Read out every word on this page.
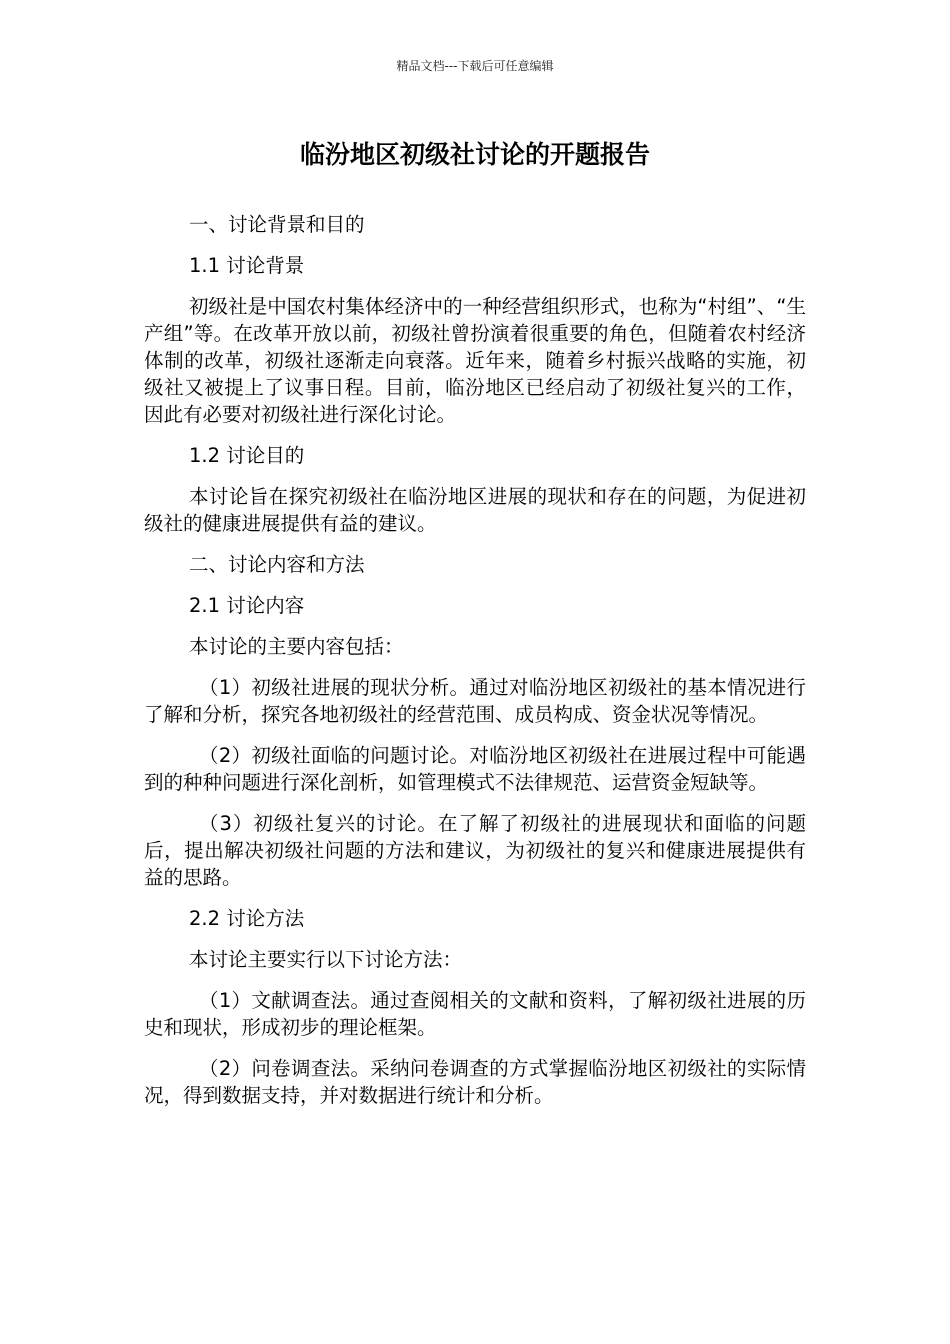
精品文档---下载后可任意编辑
临汾地区初级社讨论的开题报告

一、讨论背景和目的

1.1 讨论背景

初级社是中国农村集体经济中的一种经营组织形式，也称为“村组”、“生产组”等。在改革开放以前，初级社曾扮演着很重要的角色，但随着农村经济体制的改革，初级社逐渐走向衰落。近年来，随着乡村振兴战略的实施，初级社又被提上了议事日程。目前，临汾地区已经启动了初级社复兴的工作，因此有必要对初级社进行深化讨论。

1.2 讨论目的

本讨论旨在探究初级社在临汾地区进展的现状和存在的问题，为促进初级社的健康进展提供有益的建议。

二、讨论内容和方法

2.1 讨论内容

本讨论的主要内容包括：

（1）初级社进展的现状分析。通过对临汾地区初级社的基本情况进行了解和分析，探究各地初级社的经营范围、成员构成、资金状况等情况。

（2）初级社面临的问题讨论。对临汾地区初级社在进展过程中可能遇到的种种问题进行深化剖析，如管理模式不法律规范、运营资金短缺等。

（3）初级社复兴的讨论。在了解了初级社的进展现状和面临的问题后，提出解决初级社问题的方法和建议，为初级社的复兴和健康进展提供有益的思路。

2.2 讨论方法

本讨论主要实行以下讨论方法：

（1）文献调查法。通过查阅相关的文献和资料，了解初级社进展的历史和现状，形成初步的理论框架。

（2）问卷调查法。采纳问卷调查的方式掌握临汾地区初级社的实际情况，得到数据支持，并对数据进行统计和分析。
